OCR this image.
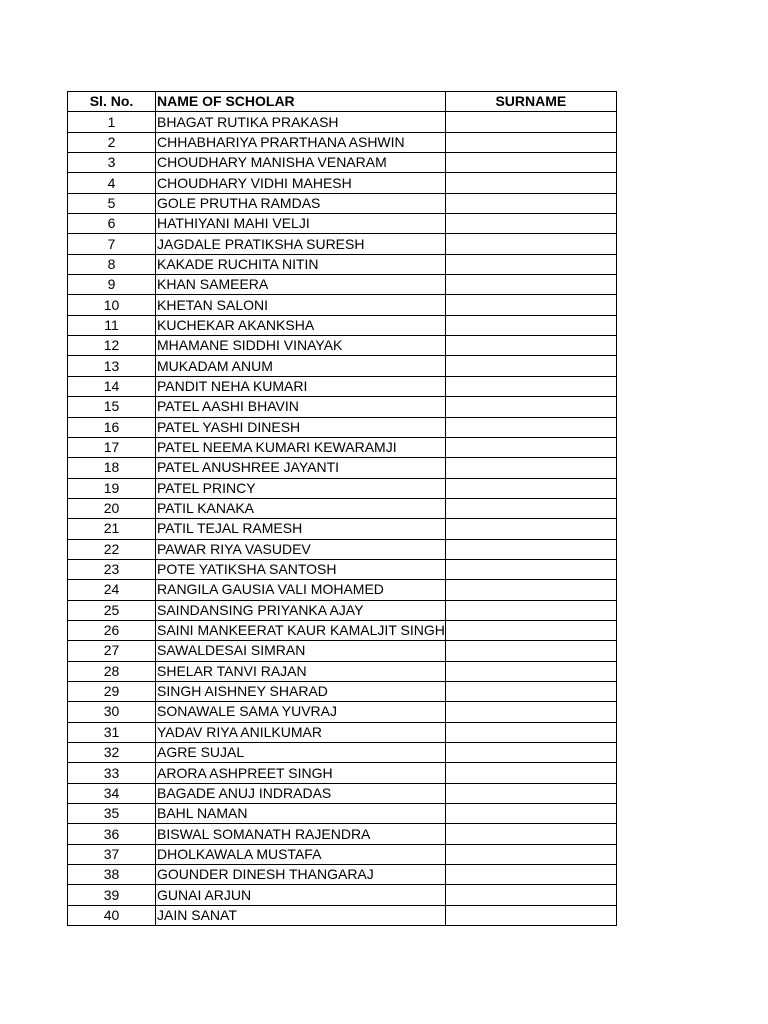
Sl. No.	NAME OF SCHOLAR	SURNAME
1	BHAGAT RUTIKA PRAKASH	
2	CHHABHARIYA PRARTHANA ASHWIN	
3	CHOUDHARY MANISHA VENARAM	
4	CHOUDHARY VIDHI MAHESH	
5	GOLE PRUTHA RAMDAS	
6	HATHIYANI MAHI VELJI	
7	JAGDALE PRATIKSHA SURESH	
8	KAKADE RUCHITA NITIN	
9	KHAN SAMEERA	
10	KHETAN SALONI	
11	KUCHEKAR AKANKSHA	
12	MHAMANE SIDDHI VINAYAK	
13	MUKADAM ANUM	
14	PANDIT NEHA KUMARI	
15	PATEL AASHI BHAVIN	
16	PATEL YASHI DINESH	
17	PATEL NEEMA KUMARI KEWARAMJI	
18	PATEL ANUSHREE JAYANTI	
19	PATEL PRINCY	
20	PATIL KANAKA	
21	PATIL TEJAL RAMESH	
22	PAWAR RIYA VASUDEV	
23	POTE YATIKSHA SANTOSH	
24	RANGILA GAUSIA VALI MOHAMED	
25	SAINDANSING PRIYANKA AJAY	
26	SAINI MANKEERAT KAUR KAMALJIT SINGH	
27	SAWALDESAI SIMRAN	
28	SHELAR TANVI RAJAN	
29	SINGH AISHNEY SHARAD	
30	SONAWALE SAMA YUVRAJ	
31	YADAV RIYA ANILKUMAR	
32	AGRE SUJAL	
33	ARORA ASHPREET SINGH	
34	BAGADE ANUJ INDRADAS	
35	BAHL NAMAN	
36	BISWAL SOMANATH RAJENDRA	
37	DHOLKAWALA MUSTAFA	
38	GOUNDER DINESH THANGARAJ	
39	GUNAI ARJUN	
40	JAIN SANAT	
